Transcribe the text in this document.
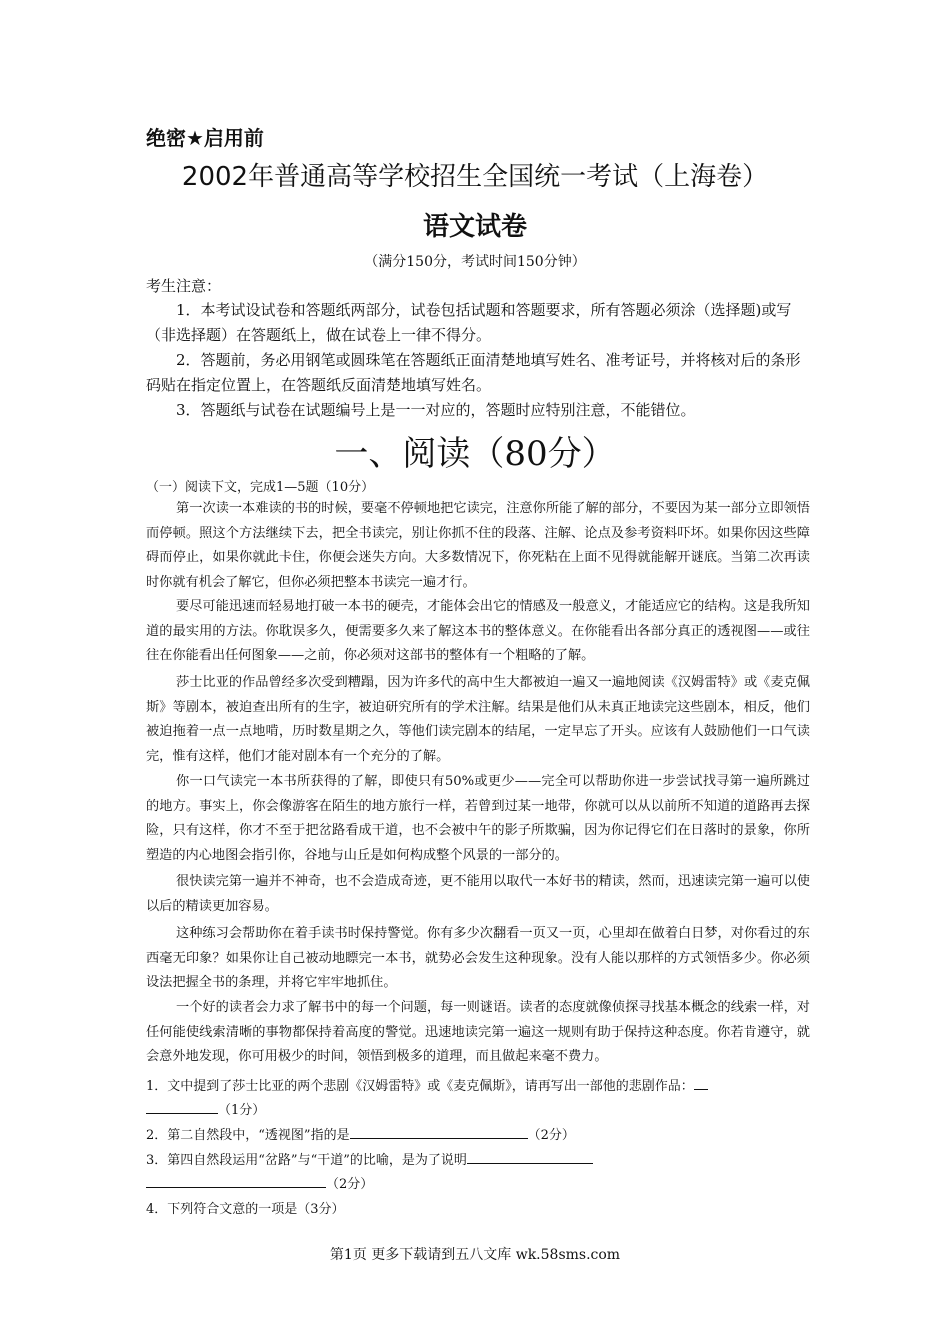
绝密★启用前
2002年普通高等学校招生全国统一考试（上海卷）
语文试卷
（满分150分，考试时间150分钟）
考生注意：
1．本考试设试卷和答题纸两部分，试卷包括试题和答题要求，所有答题必须涂（选择题)或写（非选择题）在答题纸上，做在试卷上一律不得分。
2．答题前，务必用钢笔或圆珠笔在答题纸正面清楚地填写姓名、准考证号，并将核对后的条形码贴在指定位置上，在答题纸反面清楚地填写姓名。
3．答题纸与试卷在试题编号上是一一对应的，答题时应特别注意，不能错位。
一、阅读（80分）
（一）阅读下文，完成1—5题（10分）
第一次读一本难读的书的时候，要毫不停顿地把它读完，注意你所能了解的部分，不要因为某一部分立即领悟而停顿。照这个方法继续下去，把全书读完，别让你抓不住的段落、注解、论点及参考资料吓坏。如果你因这些障碍而停止，如果你就此卡住，你便会迷失方向。大多数情况下，你死粘在上面不见得就能解开谜底。当第二次再读时你就有机会了解它，但你必须把整本书读完一遍才行。
要尽可能迅速而轻易地打破一本书的硬壳，才能体会出它的情感及一般意义，才能适应它的结构。这是我所知道的最实用的方法。你耽误多久，便需要多久来了解这本书的整体意义。在你能看出各部分真正的透视图——或往往在你能看出任何图象——之前，你必须对这部书的整体有一个粗略的了解。
莎士比亚的作品曾经多次受到糟蹋，因为许多代的高中生大都被迫一遍又一遍地阅读《汉姆雷特》或《麦克佩斯》等剧本，被迫查出所有的生字，被迫研究所有的学术注解。结果是他们从未真正地读完这些剧本，相反，他们被迫拖着一点一点地啃，历时数星期之久，等他们读完剧本的结尾，一定早忘了开头。应该有人鼓励他们一口气读完，惟有这样，他们才能对剧本有一个充分的了解。
你一口气读完一本书所获得的了解，即使只有50%或更少——完全可以帮助你进一步尝试找寻第一遍所跳过的地方。事实上，你会像游客在陌生的地方旅行一样，若曾到过某一地带，你就可以从以前所不知道的道路再去探险，只有这样，你才不至于把岔路看成干道，也不会被中午的影子所欺骗，因为你记得它们在日落时的景象，你所塑造的内心地图会指引你，谷地与山丘是如何构成整个风景的一部分的。
很快读完第一遍并不神奇，也不会造成奇迹，更不能用以取代一本好书的精读，然而，迅速读完第一遍可以使以后的精读更加容易。
这种练习会帮助你在着手读书时保持警觉。你有多少次翻看一页又一页，心里却在做着白日梦，对你看过的东西毫无印象？如果你让自己被动地瞟完一本书，就势必会发生这种现象。没有人能以那样的方式领悟多少。你必须设法把握全书的条理，并将它牢牢地抓住。
一个好的读者会力求了解书中的每一个问题，每一则谜语。读者的态度就像侦探寻找基本概念的线索一样，对任何能使线索清晰的事物都保持着高度的警觉。迅速地读完第一遍这一规则有助于保持这种态度。你若肯遵守，就会意外地发现，你可用极少的时间，领悟到极多的道理，而且做起来毫不费力。
1．文中提到了莎士比亚的两个悲剧《汉姆雷特》或《麦克佩斯》，请再写出一部他的悲剧作品：
（1分）
2．第二自然段中，“透视图”指的是	（2分）
3．第四自然段运用“岔路”与“干道”的比喻，是为了说明
（2分）
4．下列符合文意的一项是（3分）
第1页 更多下载请到五八文库 wk.58sms.com
